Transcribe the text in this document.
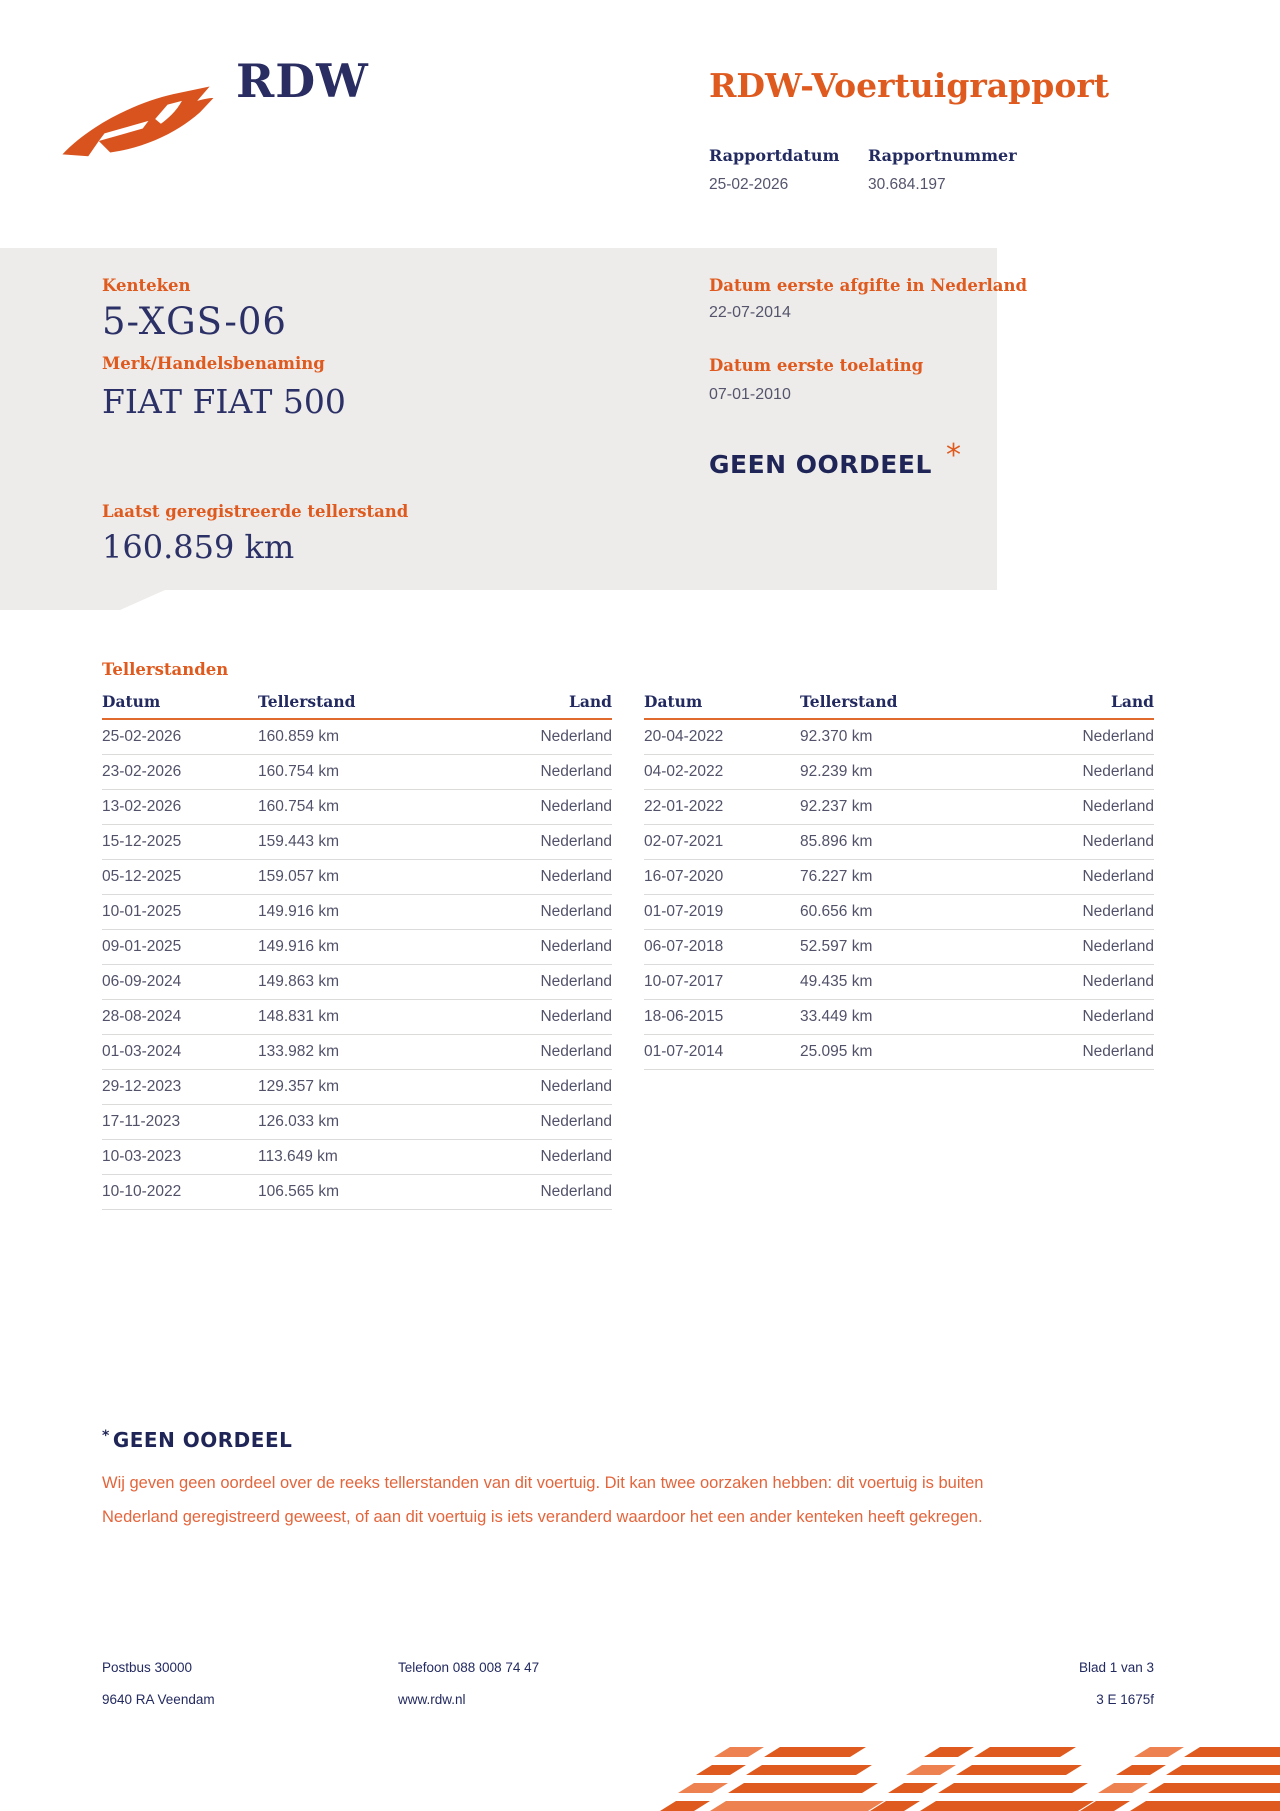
RDW	RDW-Voertuigrapport
Rapportdatum Rapportnummer
25-02-2026	30.684.197
Kenteken
5-XGS-06
Merk/Handelsbenaming
FIAT FIAT 500
Laatst geregistreerde tellerstand
160.859 km
Datum eerste afgifte in Nederland
22-07-2014
Datum eerste toelating
07-01-2010
GEEN OORDEEL *
Tellerstanden
Datum	Tellerstand	Land
25-02-2026	160.859 km	Nederland
23-02-2026	160.754 km	Nederland
13-02-2026	160.754 km	Nederland
15-12-2025	159.443 km	Nederland
05-12-2025	159.057 km	Nederland
10-01-2025	149.916 km	Nederland
09-01-2025	149.916 km	Nederland
06-09-2024	149.863 km	Nederland
28-08-2024	148.831 km	Nederland
01-03-2024	133.982 km	Nederland
29-12-2023	129.357 km	Nederland
17-11-2023	126.033 km	Nederland
10-03-2023	113.649 km	Nederland
10-10-2022	106.565 km	Nederland
Datum	Tellerstand	Land
20-04-2022	92.370 km	Nederland
04-02-2022	92.239 km	Nederland
22-01-2022	92.237 km	Nederland
02-07-2021	85.896 km	Nederland
16-07-2020	76.227 km	Nederland
01-07-2019	60.656 km	Nederland
06-07-2018	52.597 km	Nederland
10-07-2017	49.435 km	Nederland
18-06-2015	33.449 km	Nederland
01-07-2014	25.095 km	Nederland
* GEEN OORDEEL
Wij geven geen oordeel over de reeks tellerstanden van dit voertuig. Dit kan twee oorzaken hebben: dit voertuig is buiten Nederland geregistreerd geweest, of aan dit voertuig is iets veranderd waardoor het een ander kenteken heeft gekregen.
Postbus 30000
9640 RA Veendam
Telefoon 088 008 74 47
www.rdw.nl
Blad 1 van 3
3 E 1675f
